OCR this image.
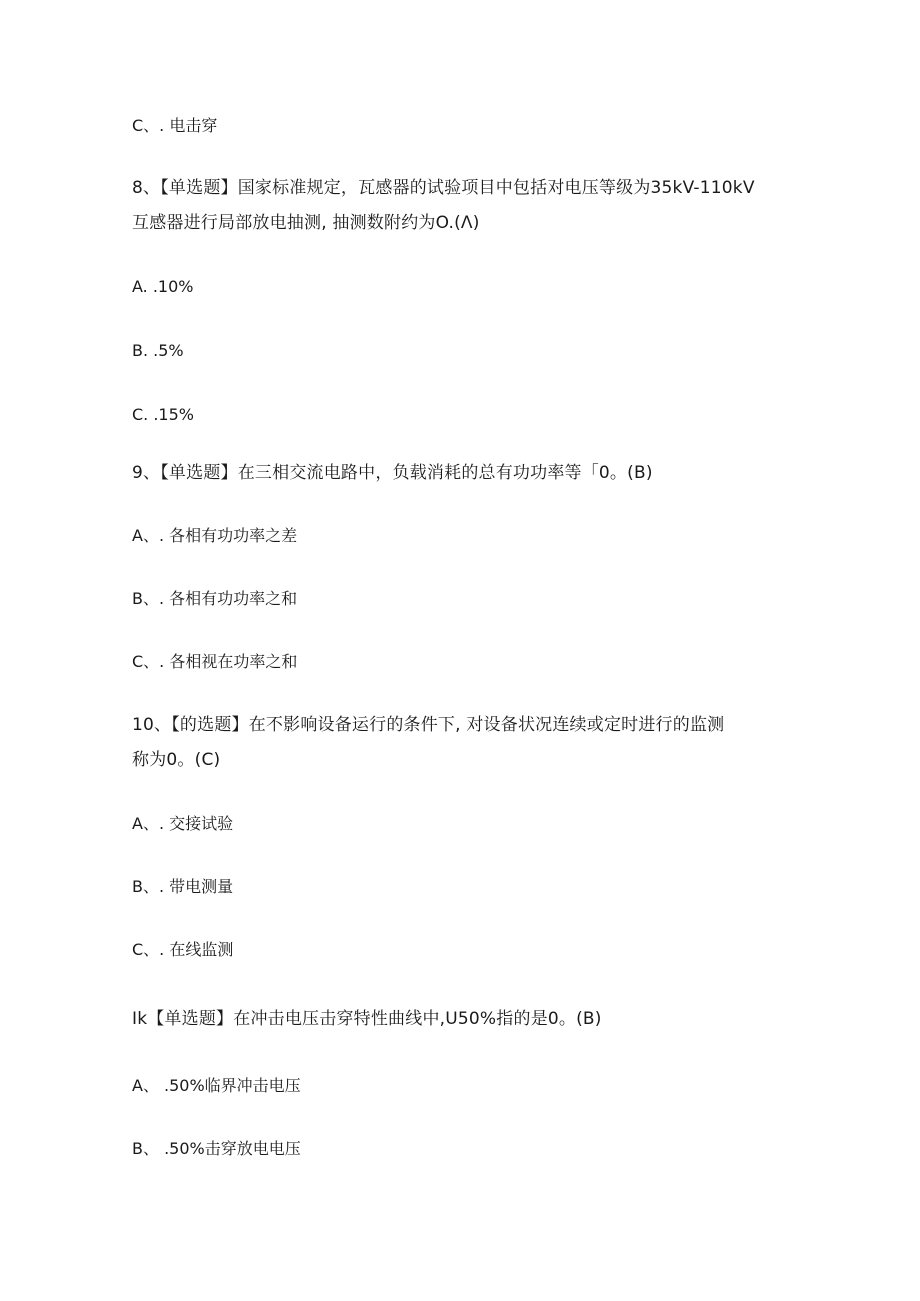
C、. 电击穿
8、【单选题】国家标准规定，瓦感器的试验项目中包括对电压等级为35kV-110kV
互感器进行局部放电抽测, 抽测数附约为O.(Λ)
A. .10%
B. .5%
C. .15%
9、【单选题】在三相交流电路中，负载消耗的总有功功率等「0。(B)
A、. 各相有功功率之差
B、. 各相有功功率之和
C、. 各相视在功率之和
10、【的选题】在不影响设备运行的条件下, 对设备状况连续或定时进行的监测
称为0。(C)
A、. 交接试验
B、. 带电测量
C、. 在线监测
Ik【单选题】在冲击电压击穿特性曲线中,U50%指的是0。(B)
A、 .50%临界冲击电压
B、 .50%击穿放电电压
